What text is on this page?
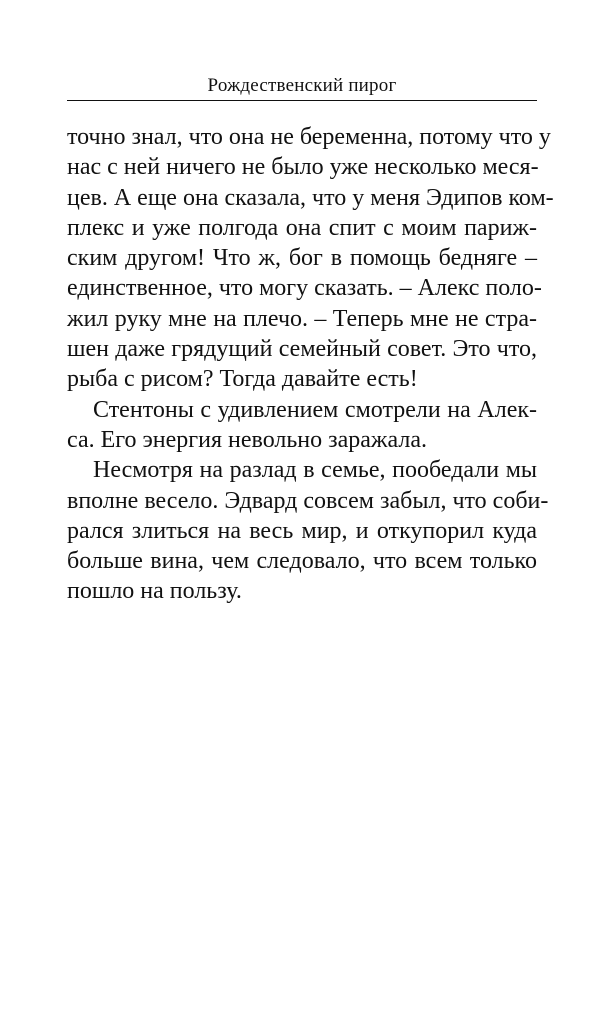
Рождественский пирог

точно знал, что она не беременна, потому что у
нас с ней ничего не было уже несколько меся-
цев. А еще она сказала, что у меня Эдипов ком-
плекс и уже полгода она спит с моим париж-
ским другом! Что ж, бог в помощь бедняге –
единственное, что могу сказать. – Алекс поло-
жил руку мне на плечо. – Теперь мне не стра-
шен даже грядущий семейный совет. Это что,
рыба с рисом? Тогда давайте есть!

Стентоны с удивлением смотрели на Алек-
са. Его энергия невольно заражала.

Несмотря на разлад в семье, пообедали мы
вполне весело. Эдвард совсем забыл, что соби-
рался злиться на весь мир, и откупорил куда
больше вина, чем следовало, что всем только
пошло на пользу.
